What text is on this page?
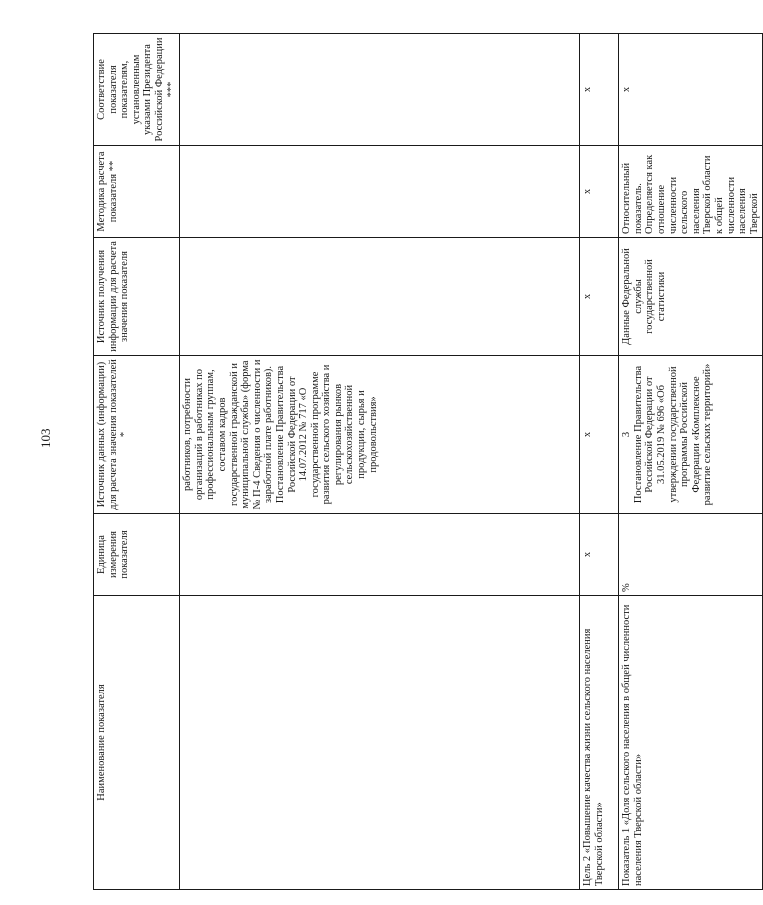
103
Наименование показателя	Единица измерения показателя	Источник данных (информации) для расчета значения показателей *	Источник получения информации для расчета значения показателя	Методика расчета показателя **	Соответствие показателя показателям, установленным указами Президента Российской Федерации ***
		работников, потребности организаций в работниках по профессиональным группам, составом кадров государственной гражданской и муниципальной службы» (форма № П-4 Сведения о численности и заработной плате работников). Постановление Правительства Российской Федерации от 14.07.2012 № 717 «О государственной программе развития сельского хозяйства и регулирования рынков сельскохозяйственной продукции, сырья и продовольствия»			
Цель 2 «Повышение качества жизни сельского населения Тверской области»	х	х	х	х	х
Показатель 1 «Доля сельского населения в общей численности населения Тверской области»	%	3 Постановление Правительства Российской Федерации от 31.05.2019 № 696 «Об утверждении государственной программы Российской Федерации «Комплексное развитие сельских территорий»	Данные Федеральной службы государственной статистики	Относительный показатель. Определяется как отношение численности сельского населения Тверской области к общей численности населения Тверской	х
